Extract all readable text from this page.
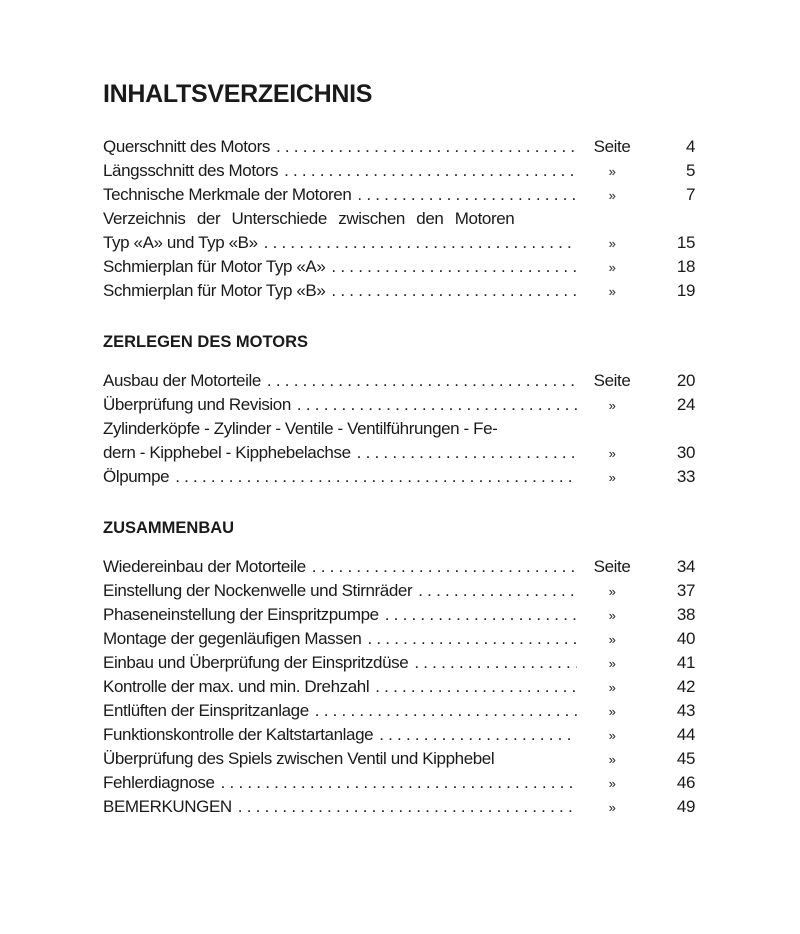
INHALTSVERZEICHNIS
Querschnitt des Motors .....	Seite	4
Längsschnitt des Motors .....	»	5
Technische Merkmale der Motoren .....	»	7
Verzeichnis der Unterschiede zwischen den Motoren
Typ «A» und Typ «B» .....	»	15
Schmierplan für Motor Typ «A» .....	»	18
Schmierplan für Motor Typ «B» .....	»	19
ZERLEGEN DES MOTORS
Ausbau der Motorteile .....	Seite	20
Überprüfung und Revision .....	»	24
Zylinderköpfe - Zylinder - Ventile - Ventilführungen - Fe-
dern - Kipphebel - Kipphebelachse .....	»	30
Ölpumpe .....	»	33
ZUSAMMENBAU
Wiedereinbau der Motorteile .....	Seite	34
Einstellung der Nockenwelle und Stirnräder .....	»	37
Phaseneinstellung der Einspritzpumpe .....	»	38
Montage der gegenläufigen Massen .....	»	40
Einbau und Überprüfung der Einspritzdüse .....	»	41
Kontrolle der max. und min. Drehzahl .....	»	42
Entlüften der Einspritzanlage .....	»	43
Funktionskontrolle der Kaltstartanlage .....	»	44
Überprüfung des Spiels zwischen Ventil und Kipphebel	»	45
Fehlerdiagnose .....	»	46
BEMERKUNGEN .....	»	49
